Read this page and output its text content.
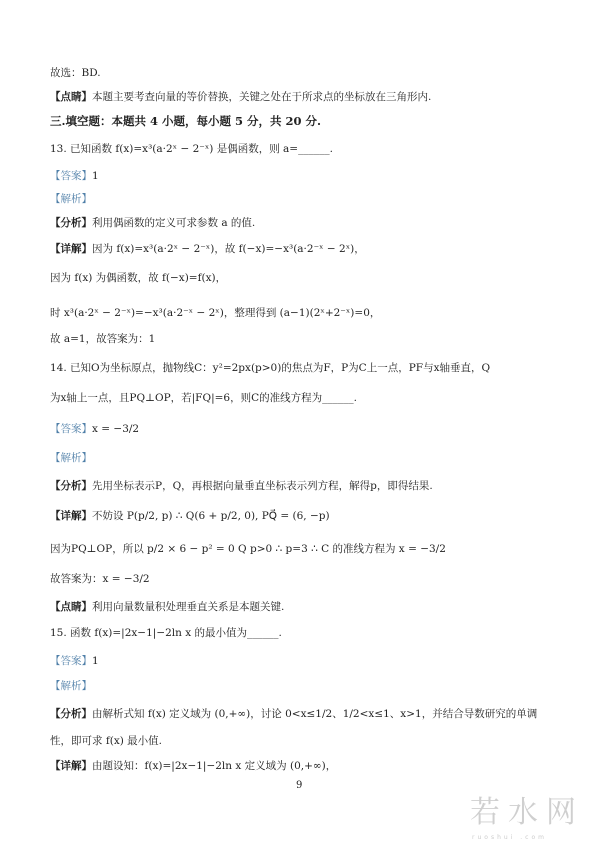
故选：BD.
【点睛】本题主要考查向量的等价替换，关键之处在于所求点的坐标放在三角形内.
三.填空题：本题共 4 小题，每小题 5 分，共 20 分.
13. 已知函数 f(x)=x³(a·2ˣ − 2⁻ˣ) 是偶函数，则 a=______.
【答案】1
【解析】
【分析】利用偶函数的定义可求参数 a 的值.
【详解】因为 f(x)=x³(a·2ˣ − 2⁻ˣ)，故 f(−x)=−x³(a·2⁻ˣ − 2ˣ)，
因为 f(x) 为偶函数，故 f(−x)=f(x)，
时 x³(a·2ˣ − 2⁻ˣ)=−x³(a·2⁻ˣ − 2ˣ)，整理得到 (a−1)(2ˣ+2⁻ˣ)=0，
故 a=1，故答案为：1
14. 已知O为坐标原点，抛物线C：y²=2px(p>0)的焦点为F，P为C上一点，PF与x轴垂直，Q
为x轴上一点，且PQ⊥OP，若|FQ|=6，则C的准线方程为______.
【答案】x = −3/2
【解析】
【分析】先用坐标表示P，Q，再根据向量垂直坐标表示列方程，解得p，即得结果.
【详解】不妨设 P(p/2, p) ∴ Q(6 + p/2, 0), PQ⃗ = (6, −p)
因为PQ⊥OP，所以 p/2 × 6 − p² = 0 Q p>0 ∴ p=3 ∴ C 的准线方程为 x = −3/2
故答案为：x = −3/2
【点睛】利用向量数量积处理垂直关系是本题关键.
15. 函数 f(x)=|2x−1|−2ln x 的最小值为______.
【答案】1
【解析】
【分析】由解析式知 f(x) 定义域为 (0,+∞)，讨论 0<x≤1/2、1/2<x≤1、x>1，并结合导数研究的单调
性，即可求 f(x) 最小值.
【详解】由题设知：f(x)=|2x−1|−2ln x 定义域为 (0,+∞)，
9
若水网
ruoshui .com
